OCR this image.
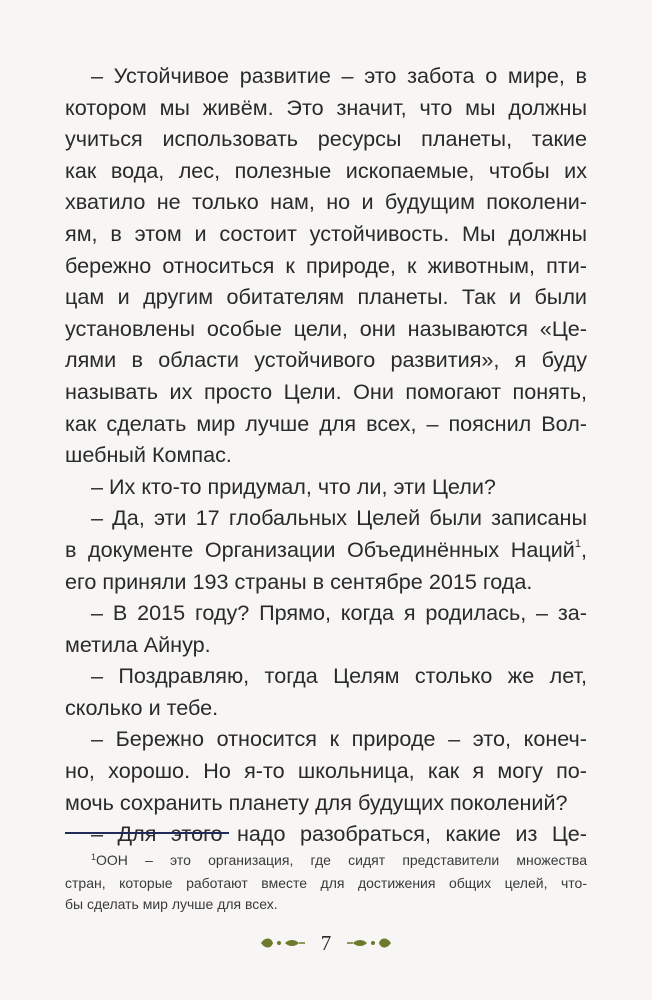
– Устойчивое развитие – это забота о мире, в
котором мы живём. Это значит, что мы должны
учиться использовать ресурсы планеты, такие
как вода, лес, полезные ископаемые, чтобы их
хватило не только нам, но и будущим поколени-
ям, в этом и состоит устойчивость. Мы должны
бережно относиться к природе, к животным, пти-
цам и другим обитателям планеты. Так и были
установлены особые цели, они называются «Це-
лями в области устойчивого развития», я буду
называть их просто Цели. Они помогают понять,
как сделать мир лучше для всех, – пояснил Вол-
шебный Компас.
– Их кто-то придумал, что ли, эти Цели?
– Да, эти 17 глобальных Целей были записаны
в документе Организации Объединённых Наций$^1$,
его приняли 193 страны в сентябре 2015 года.
– В 2015 году? Прямо, когда я родилась, – за-
метила Айнур.
– Поздравляю, тогда Целям столько же лет,
сколько и тебе.
– Бережно относится к природе – это, конеч-
но, хорошо. Но я-то школьница, как я могу по-
мочь сохранить планету для будущих поколений?
– Для этого надо разобраться, какие из Це-
$^1$ООН – это организация, где сидят представители множества
стран, которые работают вместе для достижения общих целей, что-
бы сделать мир лучше для всех.
7
